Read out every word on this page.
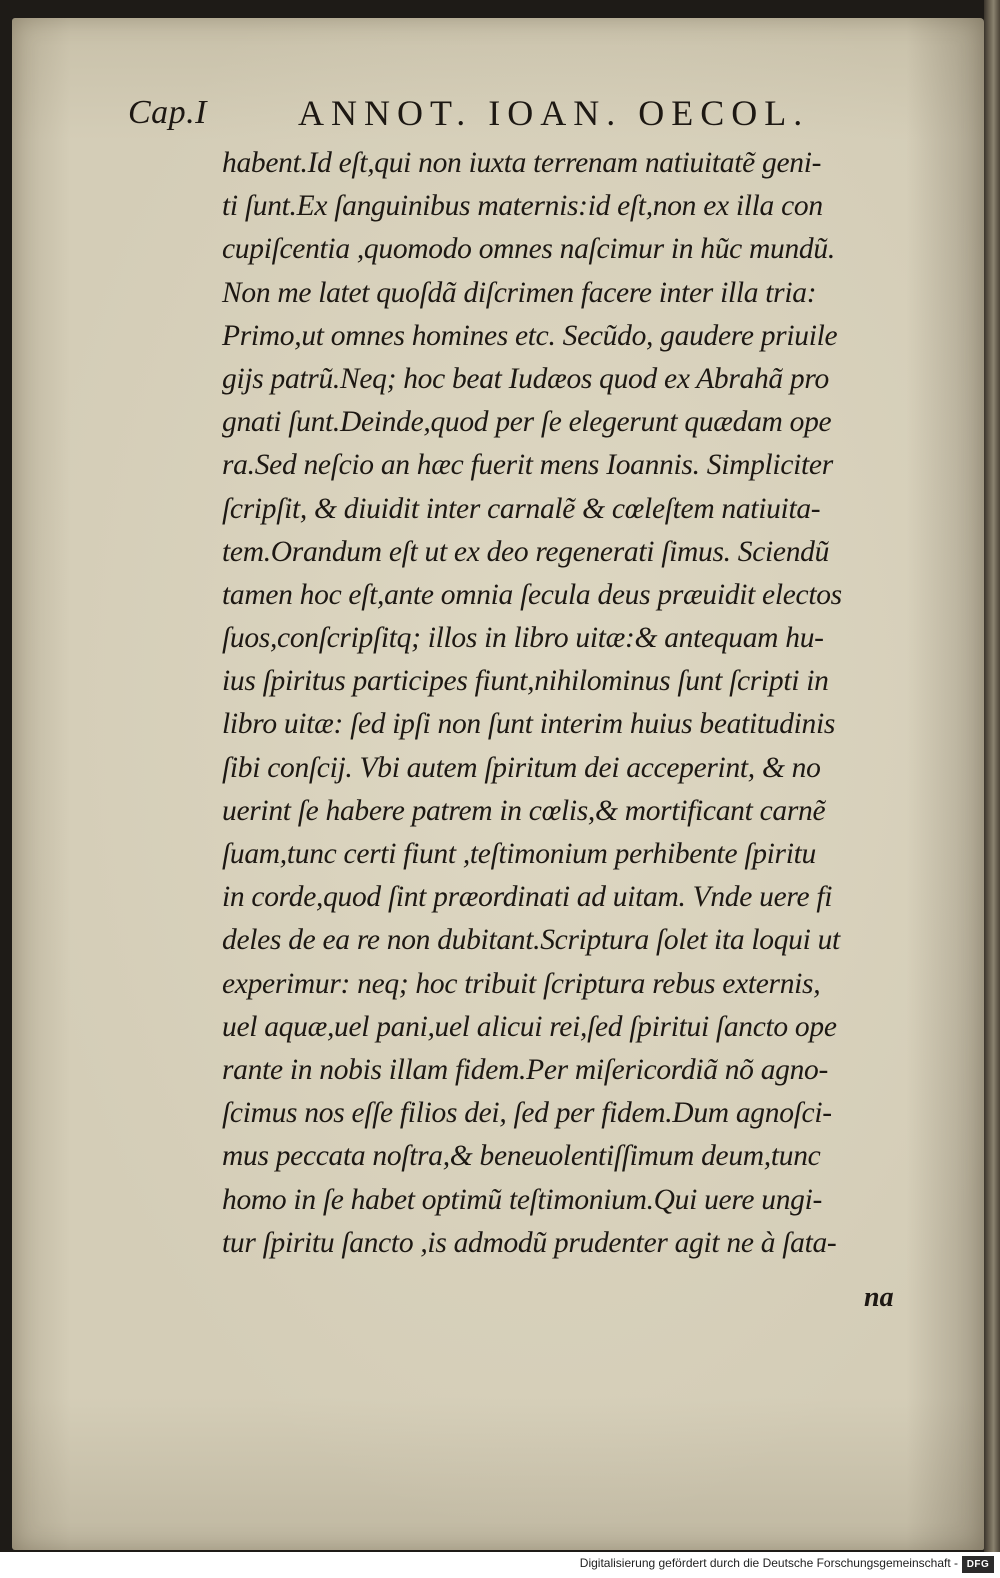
Cap.I	ANNOT. IOAN. OECOL.
habent.Id eſt,qui non iuxta terrenam natiuitatẽ geni-
ti ſunt.Ex ſanguinibus maternis:id eſt,non ex illa con
cupiſcentia ,quomodo omnes naſcimur in hũc mundũ.
Non me latet quoſdã diſcrimen facere inter illa tria:
Primo,ut omnes homines etc. Secũdo, gaudere priuile
gijs patrũ.Neq; hoc beat Iudæos quod ex Abrahã pro
gnati ſunt.Deinde,quod per ſe elegerunt quædam ope
ra.Sed neſcio an hæc fuerit mens Ioannis. Simpliciter
ſcripſit, & diuidit inter carnalẽ & cœleſtem natiuita-
tem.Orandum eſt ut ex deo regenerati ſimus. Sciendũ
tamen hoc eſt,ante omnia ſecula deus præuidit electos
ſuos,conſcripſitq; illos in libro uitæ:& antequam hu-
ius ſpiritus participes fiunt,nihilominus ſunt ſcripti in
libro uitæ: ſed ipſi non ſunt interim huius beatitudinis
ſibi conſcij. Vbi autem ſpiritum dei acceperint, & no
uerint ſe habere patrem in cœlis,& mortificant carnẽ
ſuam,tunc certi fiunt ,teſtimonium perhibente ſpiritu
in corde,quod ſint præordinati ad uitam. Vnde uere fi
deles de ea re non dubitant.Scriptura ſolet ita loqui ut
experimur: neq; hoc tribuit ſcriptura rebus externis,
uel aquæ,uel pani,uel alicui rei,ſed ſpiritui ſancto ope
rante in nobis illam fidem.Per miſericordiã nõ agno-
ſcimus nos eſſe filios dei, ſed per fidem.Dum agnoſci-
mus peccata noſtra,& beneuolentiſſimum deum,tunc
homo in ſe habet optimũ teſtimonium.Qui uere ungi-
tur ſpiritu ſancto ,is admodũ prudenter agit ne à ſata-
na
Digitalisierung gefördert durch die Deutsche Forschungsgemeinschaft - DFG
